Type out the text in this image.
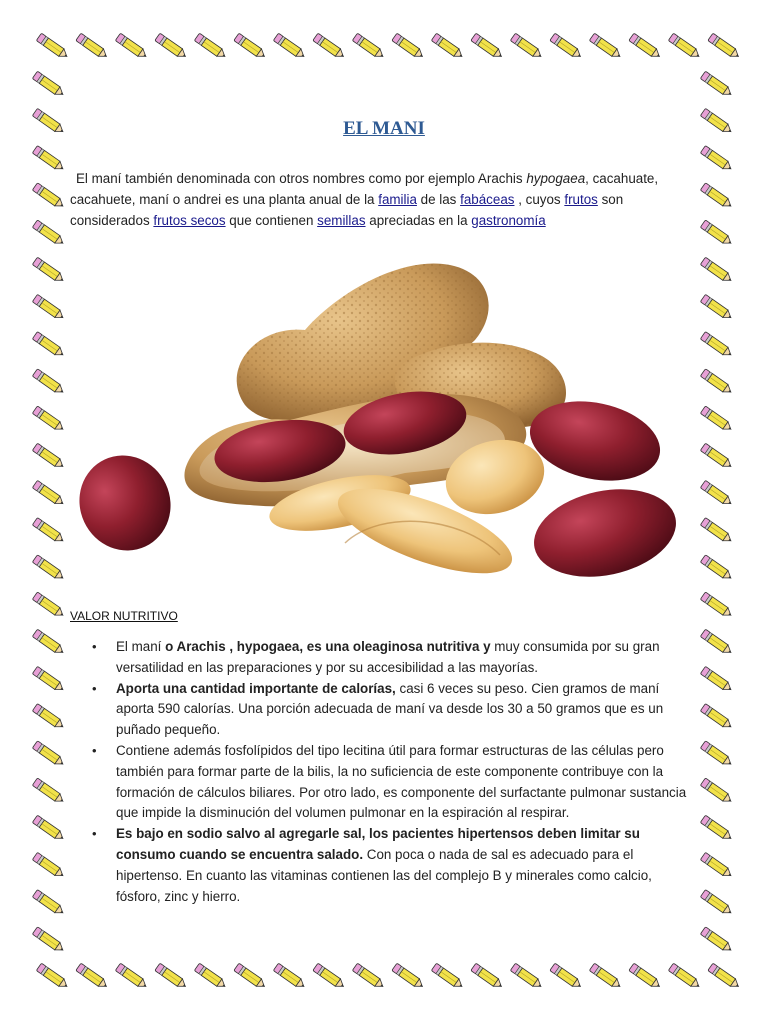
EL MANI

El maní también denominada con otros nombres como por ejemplo Arachis hypogaea, cacahuate, cacahuete, maní o andrei es una planta anual de la familia de las fabáceas , cuyos frutos son considerados frutos secos que contienen semillas apreciadas en la gastronomía

VALOR NUTRITIVO
• El maní o Arachis , hypogaea, es una oleaginosa nutritiva y muy consumida por su gran versatilidad en las preparaciones y por su accesibilidad a las mayorías.
• Aporta una cantidad importante de calorías, casi 6 veces su peso. Cien gramos de maní aporta 590 calorías. Una porción adecuada de maní va desde los 30 a 50 gramos que es un puñado pequeño.
• Contiene además fosfolípidos del tipo lecitina útil para formar estructuras de las células pero también para formar parte de la bilis, la no suficiencia de este componente contribuye con la formación de cálculos biliares. Por otro lado, es componente del surfactante pulmonar sustancia que impide la disminución del volumen pulmonar en la espiración al respirar.
• Es bajo en sodio salvo al agregarle sal, los pacientes hipertensos deben limitar su consumo cuando se encuentra salado. Con poca o nada de sal es adecuado para el hipertenso. En cuanto las vitaminas contienen las del complejo B y minerales como calcio, fósforo, zinc y hierro.
